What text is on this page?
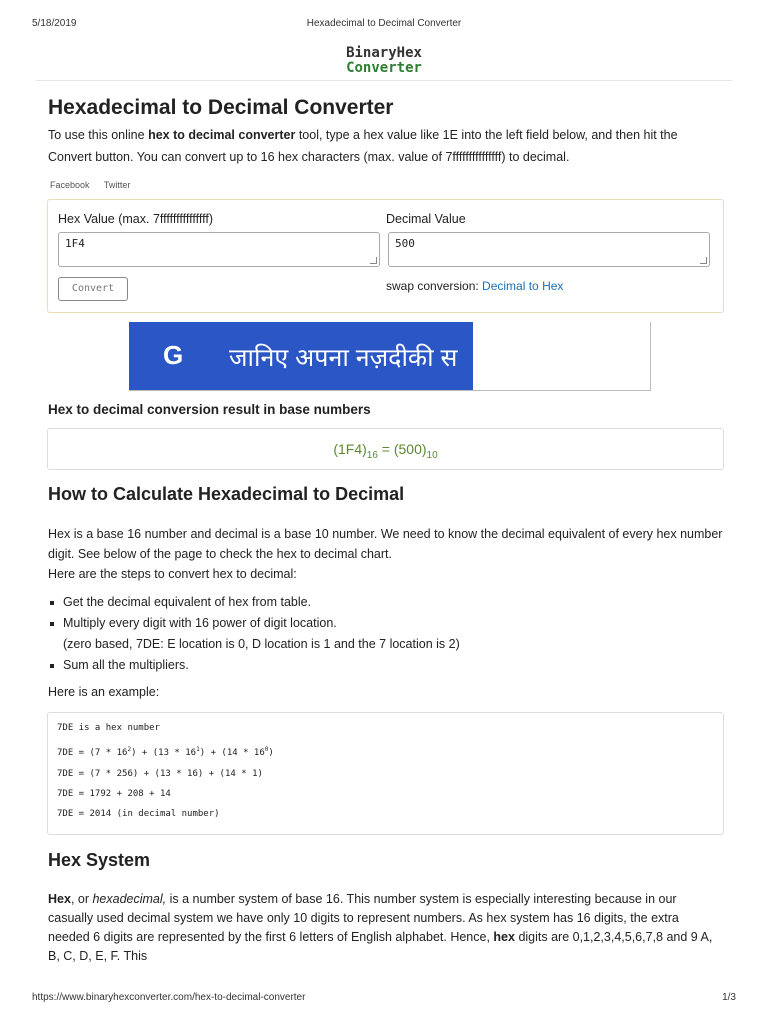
5/18/2019	Hexadecimal to Decimal Converter
BinaryHex
Converter
Hexadecimal to Decimal Converter

To use this online hex to decimal converter tool, type a hex value like 1E into the left field below, and then hit the Convert button. You can convert up to 16 hex characters (max. value of 7fffffffffffffff) to decimal.

Facebook Twitter
Hex Value (max. 7fffffffffffffff)	Decimal Value
1F4	500
Convert	swap conversion: Decimal to Hex
G जानिए अपना नज़दीकी स
Hex to decimal conversion result in base numbers
$(1F4)_{16} = (500)_{10}$
How to Calculate Hexadecimal to Decimal

Hex is a base 16 number and decimal is a base 10 number. We need to know the decimal equivalent of every hex number digit. See below of the page to check the hex to decimal chart.

Here are the steps to convert hex to decimal:

Get the decimal equivalent of hex from table.
Multiply every digit with 16 power of digit location.
(zero based, 7DE: E location is 0, D location is 1 and the 7 location is 2)
Sum all the multipliers.

Here is an example:

7DE is a hex number
$7DE = (7 * 16^2) + (13 * 16^1) + (14 * 16^0)$
7DE = (7 * 256) + (13 * 16) + (14 * 1)
7DE = 1792 + 208 + 14
7DE = 2014 (in decimal number)
Hex System

Hex, or hexadecimal, is a number system of base 16. This number system is especially interesting because in our casually used decimal system we have only 10 digits to represent numbers. As hex system has 16 digits, the extra needed 6 digits are represented by the first 6 letters of English alphabet. Hence, hex digits are 0,1,2,3,4,5,6,7,8 and 9 A, B, C, D, E, F. This

https://www.binaryhexconverter.com/hex-to-decimal-converter	1/3
